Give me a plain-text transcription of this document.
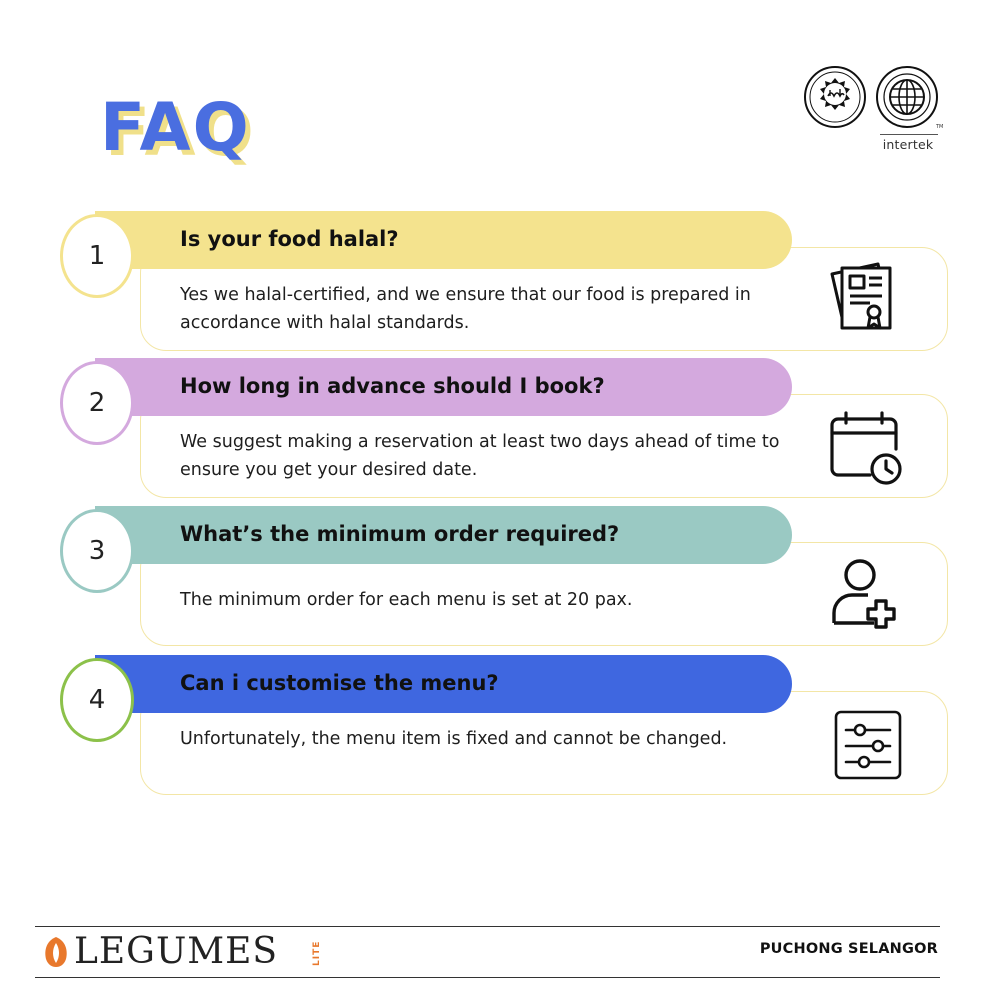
FAQ	TM
intertek
1
Is your food halal?
Yes we halal-certified, and we ensure that our food is prepared in accordance with halal standards.
2
How long in advance should I book?
We suggest making a reservation at least two days ahead of time to ensure you get your desired date.
3
What’s the minimum order required?
The minimum order for each menu is set at 20 pax.
4
Can i customise the menu?
Unfortunately, the menu item is fixed and cannot be changed.
LEGUMES	LITE	PUCHONG SELANGOR
